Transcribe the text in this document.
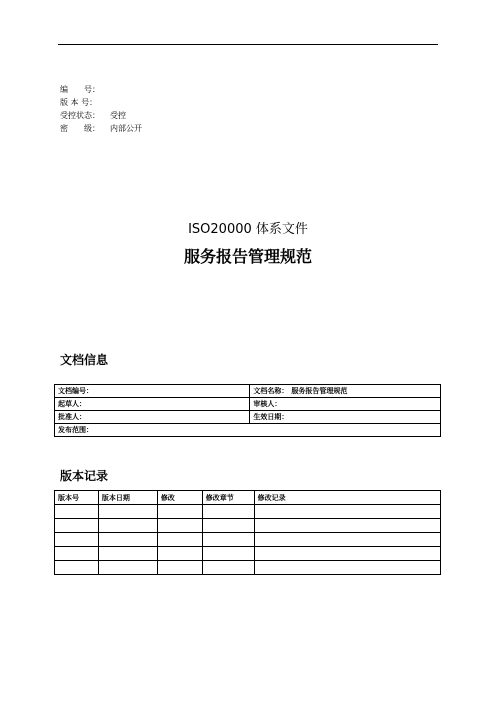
编　　号：
版 本 号：
受控状态：	受控
密　　级：	内部公开
ISO20000 体系文件
服务报告管理规范
文档信息
文档编号：	文档名称： 服务报告管理规范
起草人：	审核人：
批准人：	生效日期：
发布范围：	
版本记录
版本号	版本日期	修改	修改章节	修改记录
